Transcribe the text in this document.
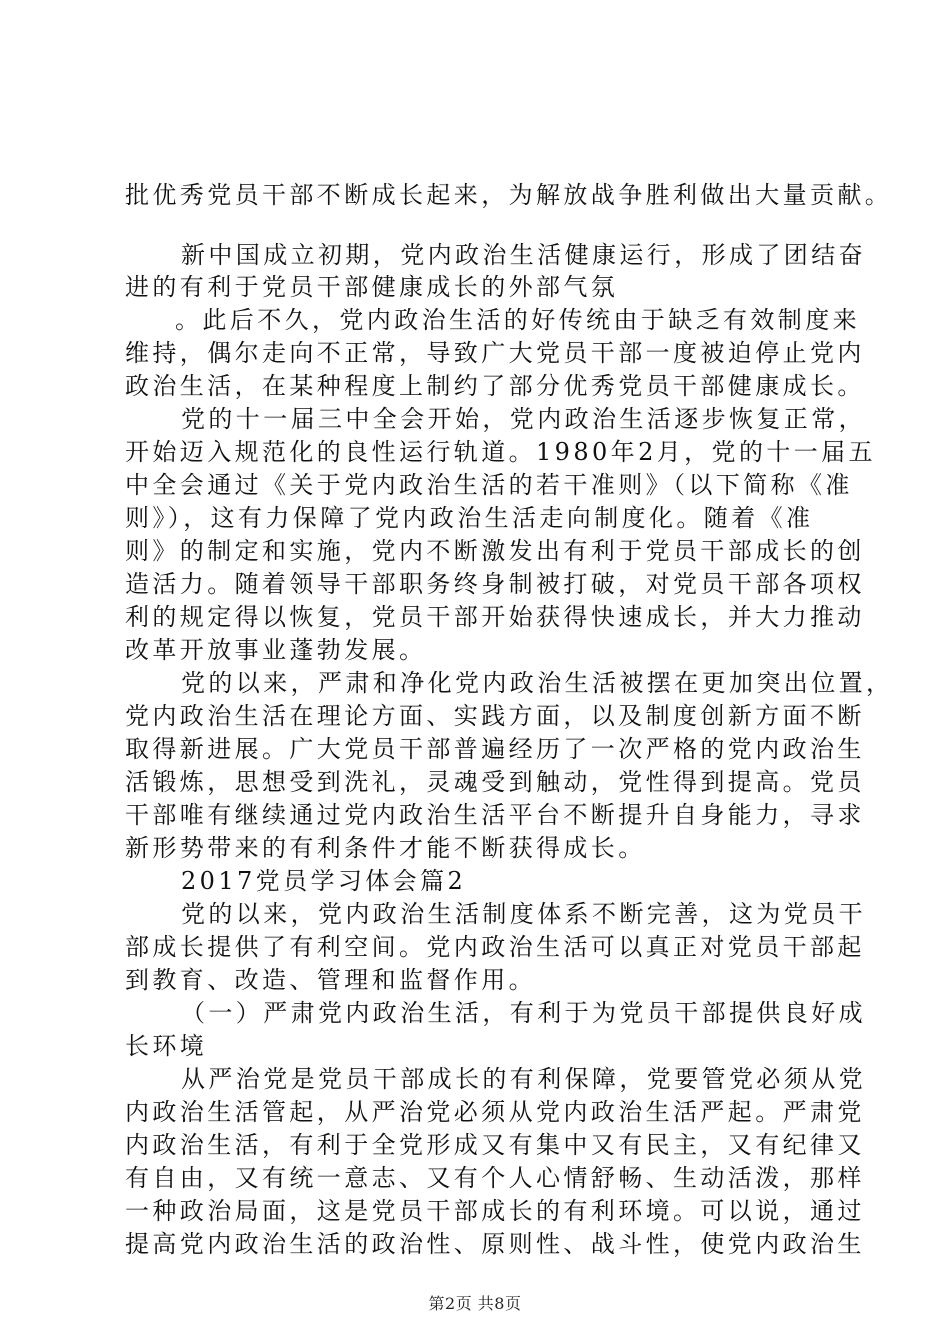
批优秀党员干部不断成长起来，为解放战争胜利做出大量贡献。
新中国成立初期，党内政治生活健康运行，形成了团结奋
进的有利于党员干部健康成长的外部气氛
。此后不久，党内政治生活的好传统由于缺乏有效制度来
维持，偶尔走向不正常，导致广大党员干部一度被迫停止党内
政治生活，在某种程度上制约了部分优秀党员干部健康成长。
党的十一届三中全会开始，党内政治生活逐步恢复正常，
开始迈入规范化的良性运行轨道。1980年2月，党的十一届五
中全会通过《关于党内政治生活的若干准则》（以下简称《准
则》），这有力保障了党内政治生活走向制度化。随着《准
则》的制定和实施，党内不断激发出有利于党员干部成长的创
造活力。随着领导干部职务终身制被打破，对党员干部各项权
利的规定得以恢复，党员干部开始获得快速成长，并大力推动
改革开放事业蓬勃发展。
党的以来，严肃和净化党内政治生活被摆在更加突出位置，
党内政治生活在理论方面、实践方面，以及制度创新方面不断
取得新进展。广大党员干部普遍经历了一次严格的党内政治生
活锻炼，思想受到洗礼，灵魂受到触动，党性得到提高。党员
干部唯有继续通过党内政治生活平台不断提升自身能力，寻求
新形势带来的有利条件才能不断获得成长。
2017党员学习体会篇2
党的以来，党内政治生活制度体系不断完善，这为党员干
部成长提供了有利空间。党内政治生活可以真正对党员干部起
到教育、改造、管理和监督作用。
（一）严肃党内政治生活，有利于为党员干部提供良好成
长环境
从严治党是党员干部成长的有利保障，党要管党必须从党
内政治生活管起，从严治党必须从党内政治生活严起。严肃党
内政治生活，有利于全党形成又有集中又有民主，又有纪律又
有自由，又有统一意志、又有个人心情舒畅、生动活泼，那样
一种政治局面，这是党员干部成长的有利环境。可以说，通过
提高党内政治生活的政治性、原则性、战斗性，使党内政治生
第2页 共8页
